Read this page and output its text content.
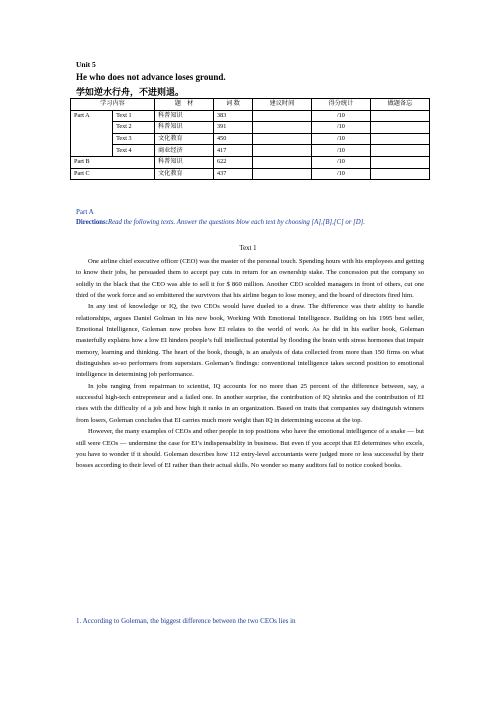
Unit 5
He who does not advance loses ground.
学如逆水行舟，不进则退。
学习内容		题　材	词 数	建议时间	得分统计	做题备忘
Part A	Text 1	科普知识	383		/10	
	Text 2	科普知识	391		/10	
	Text 3	文化教育	450		/10	
	Text 4	商业经济	417		/10	
Part B		科普知识	622		/10	
Part C		文化教育	437		/10	
Part A
Directions:Read the following texts. Answer the questions blow each text by choosing [A],[B],[C] or [D].
Text 1

One airline chief executive officer (CEO) was the master of the personal touch. Spending hours with his employees and getting to know their jobs, he persuaded them to accept pay cuts in return for an ownership stake. The concession put the company so solidly in the black that the CEO was able to sell it for $ 860 million. Another CEO scolded managers in front of others, cut one third of the work force and so embittered the survivors that his airline began to lose money, and the board of directors fired him.

In any test of knowledge or IQ, the two CEOs would have dueled to a draw. The difference was their ability to handle relationships, argues Daniel Golman in his new book, Working With Emotional Intelligence. Building on his 1995 best seller, Emotional Intelligence, Goleman now probes how EI relates to the world of work. As he did in his earlier book, Goleman masterfully explains how a low EI hinders people’s full intellectual potential by flooding the brain with stress hormones that impair memory, learning and thinking. The heart of the book, though, is an analysis of data collected from more than 150 firms on what distinguishes so-so performers from superstars. Goleman’s findings: conventional intelligence takes second position to emotional intelligence in determining job performance.

In jobs ranging from repairman to scientist, IQ accounts for no more than 25 percent of the difference between, say, a successful high-tech entrepreneur and a failed one. In another surprise, the contribution of IQ shrinks and the contribution of EI rises with the difficulty of a job and how high it ranks in an organization. Based on traits that companies say distinguish winners from losers, Goleman concludes that EI carries much more weight than IQ in determining success at the top.

However, the many examples of CEOs and other people in top positions who have the emotional intelligence of a snake — but still were CEOs — undermine the case for EI’s indispensability in business. But even if you accept that EI determines who excels, you have to wonder if it should. Goleman describes how 112 entry-level accountants were judged more or less successful by their bosses according to their level of EI rather than their actual skills. No wonder so many auditors fail to notice cooked books.

1. According to Goleman, the biggest difference between the two CEOs lies in
